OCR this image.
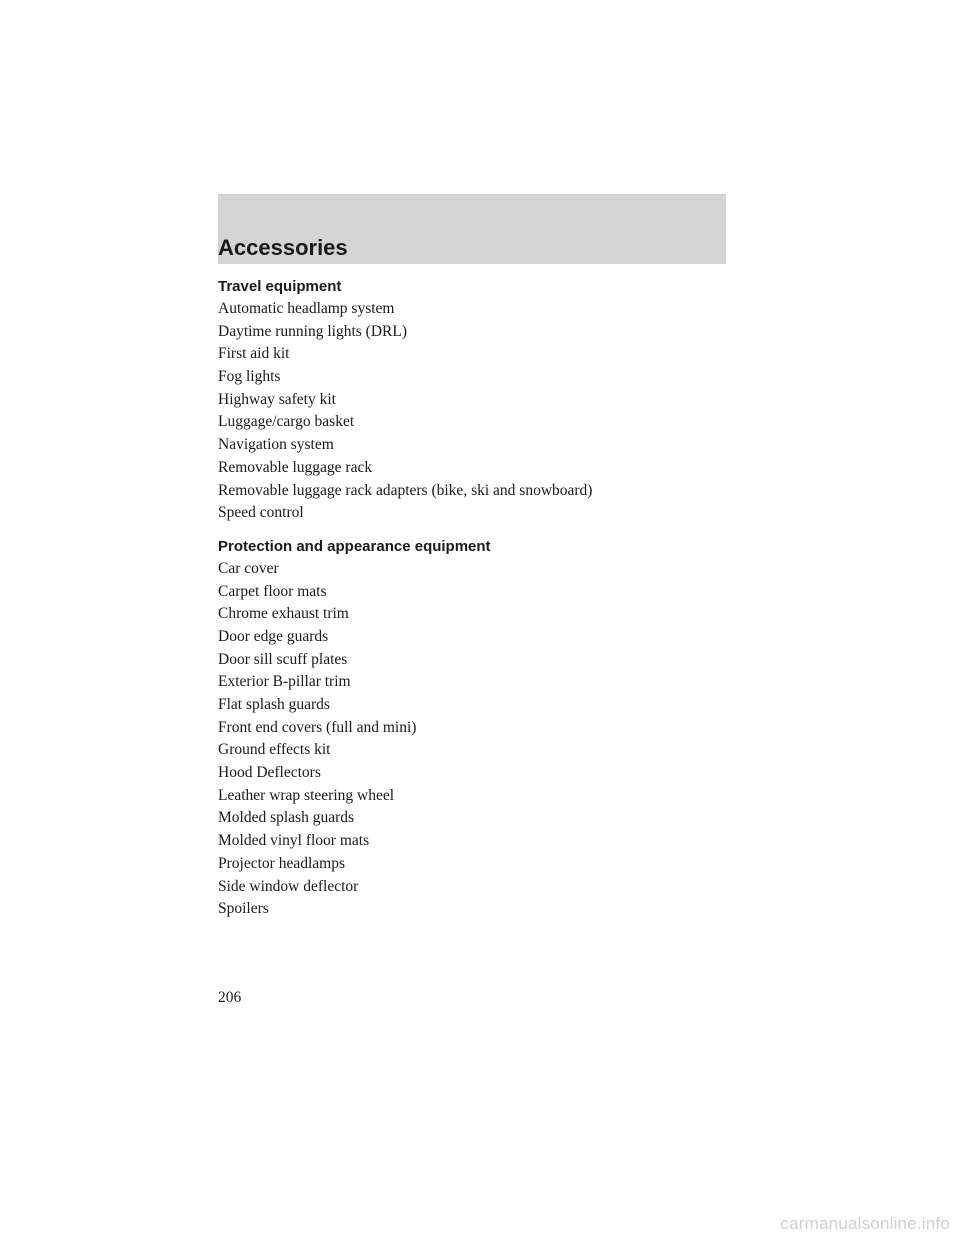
Accessories
Travel equipment
Automatic headlamp system
Daytime running lights (DRL)
First aid kit
Fog lights
Highway safety kit
Luggage/cargo basket
Navigation system
Removable luggage rack
Removable luggage rack adapters (bike, ski and snowboard)
Speed control
Protection and appearance equipment
Car cover
Carpet floor mats
Chrome exhaust trim
Door edge guards
Door sill scuff plates
Exterior B-pillar trim
Flat splash guards
Front end covers (full and mini)
Ground effects kit
Hood Deflectors
Leather wrap steering wheel
Molded splash guards
Molded vinyl floor mats
Projector headlamps
Side window deflector
Spoilers
206
carmanualsonline.info
